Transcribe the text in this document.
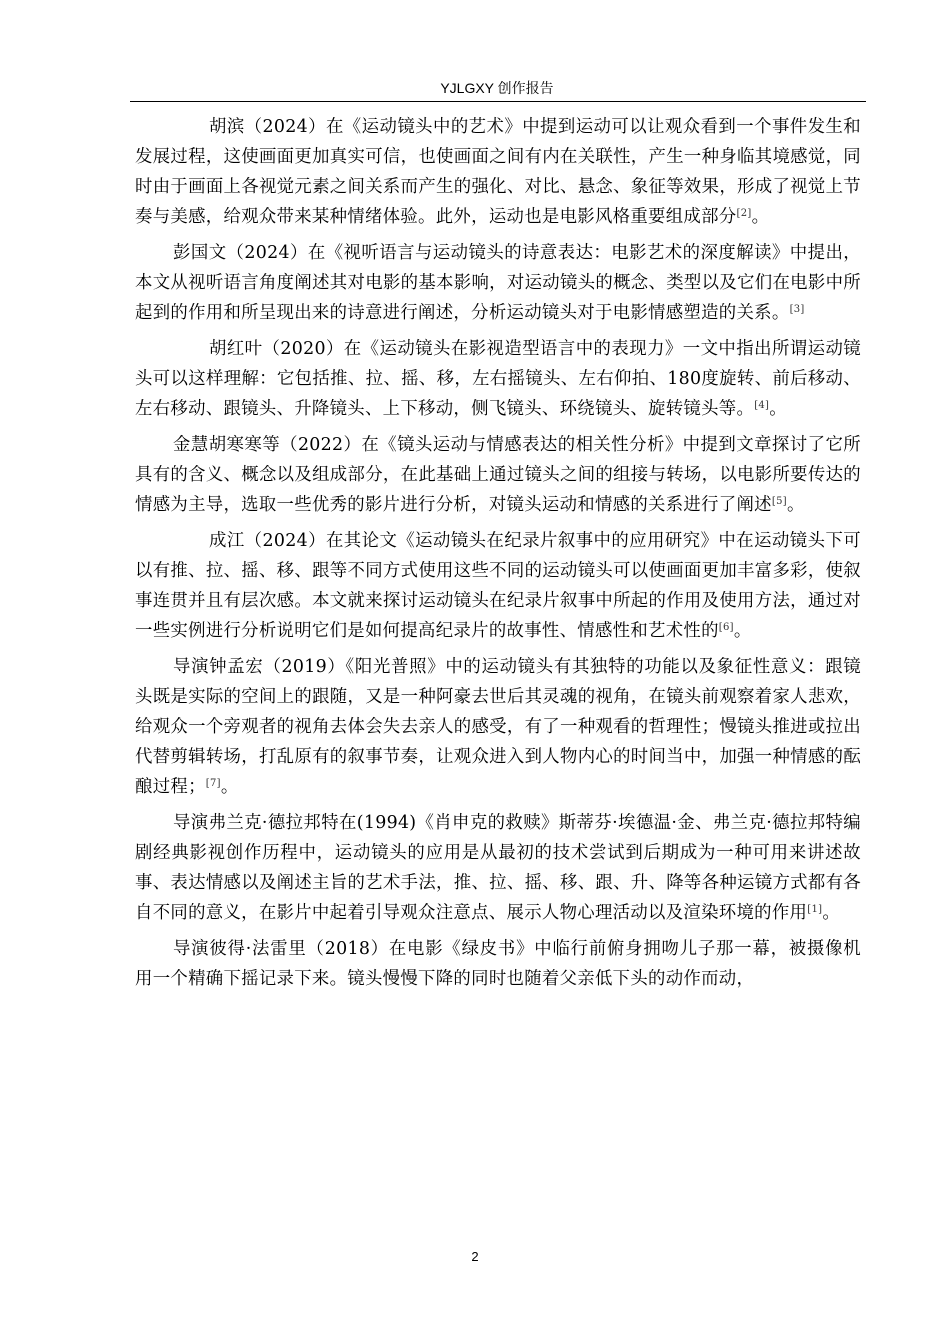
YJLGXY 创作报告

胡滨（2024）在《运动镜头中的艺术》中提到运动可以让观众看到一个事件发生和发展过程，这使画面更加真实可信，也使画面之间有内在关联性，产生一种身临其境感觉，同时由于画面上各视觉元素之间关系而产生的强化、对比、悬念、象征等效果，形成了视觉上节奏与美感，给观众带来某种情绪体验。此外，运动也是电影风格重要组成部分[2]。

彭国文（2024）在《视听语言与运动镜头的诗意表达：电影艺术的深度解读》中提出，本文从视听语言角度阐述其对电影的基本影响，对运动镜头的概念、类型以及它们在电影中所起到的作用和所呈现出来的诗意进行阐述，分析运动镜头对于电影情感塑造的关系。[3]

胡红叶（2020）在《运动镜头在影视造型语言中的表现力》一文中指出所谓运动镜头可以这样理解：它包括推、拉、摇、移，左右摇镜头、左右仰拍、180度旋转、前后移动、左右移动、跟镜头、升降镜头、上下移动，侧飞镜头、环绕镜头、旋转镜头等。[4]。

金慧胡寒寒等（2022）在《镜头运动与情感表达的相关性分析》中提到文章探讨了它所具有的含义、概念以及组成部分，在此基础上通过镜头之间的组接与转场，以电影所要传达的情感为主导，选取一些优秀的影片进行分析，对镜头运动和情感的关系进行了阐述[5]。

成江（2024）在其论文《运动镜头在纪录片叙事中的应用研究》中在运动镜头下可以有推、拉、摇、移、跟等不同方式使用这些不同的运动镜头可以使画面更加丰富多彩，使叙事连贯并且有层次感。本文就来探讨运动镜头在纪录片叙事中所起的作用及使用方法，通过对一些实例进行分析说明它们是如何提高纪录片的故事性、情感性和艺术性的[6]。

导演钟孟宏（2019）《阳光普照》中的运动镜头有其独特的功能以及象征性意义：跟镜头既是实际的空间上的跟随，又是一种阿豪去世后其灵魂的视角，在镜头前观察着家人悲欢，给观众一个旁观者的视角去体会失去亲人的感受，有了一种观看的哲理性；慢镜头推进或拉出代替剪辑转场，打乱原有的叙事节奏，让观众进入到人物内心的时间当中，加强一种情感的酝酿过程；[7]。

导演弗兰克·德拉邦特在(1994)《肖申克的救赎》斯蒂芬·埃德温·金、弗兰克·德拉邦特编剧经典影视创作历程中，运动镜头的应用是从最初的技术尝试到后期成为一种可用来讲述故事、表达情感以及阐述主旨的艺术手法，推、拉、摇、移、跟、升、降等各种运镜方式都有各自不同的意义，在影片中起着引导观众注意点、展示人物心理活动以及渲染环境的作用[1]。

导演彼得·法雷里（2018）在电影《绿皮书》中临行前俯身拥吻儿子那一幕，被摄像机用一个精确下摇记录下来。镜头慢慢下降的同时也随着父亲低下头的动作而动，

2
